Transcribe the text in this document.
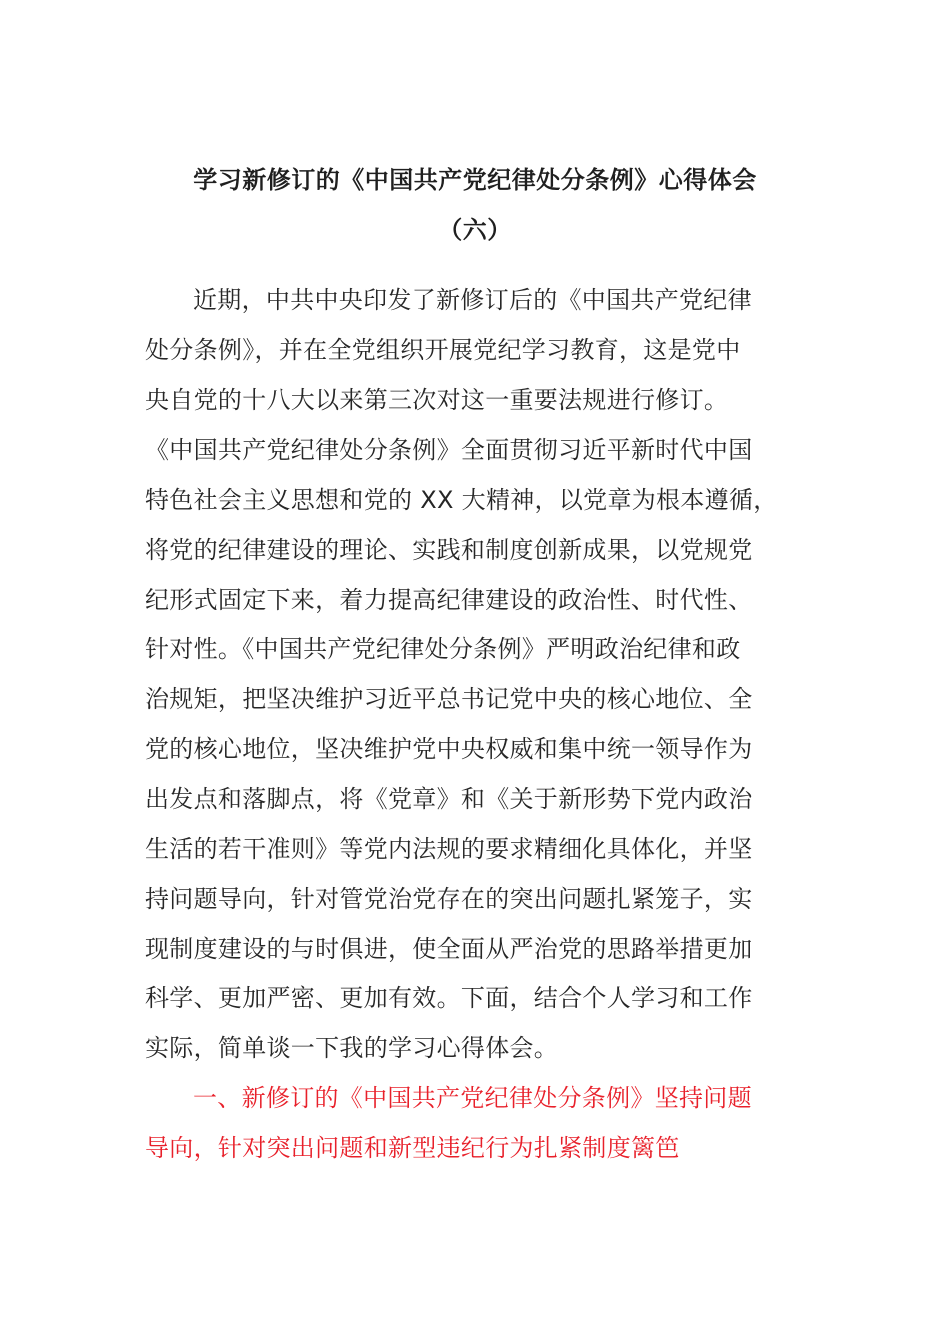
学习新修订的《中国共产党纪律处分条例》心得体会
（六）
近期，中共中央印发了新修订后的《中国共产党纪律
处分条例》，并在全党组织开展党纪学习教育，这是党中
央自党的十八大以来第三次对这一重要法规进行修订。
《中国共产党纪律处分条例》全面贯彻习近平新时代中国
特色社会主义思想和党的 XX 大精神，以党章为根本遵循，
将党的纪律建设的理论、实践和制度创新成果，以党规党
纪形式固定下来，着力提高纪律建设的政治性、时代性、
针对性。《中国共产党纪律处分条例》严明政治纪律和政
治规矩，把坚决维护习近平总书记党中央的核心地位、全
党的核心地位，坚决维护党中央权威和集中统一领导作为
出发点和落脚点，将《党章》和《关于新形势下党内政治
生活的若干准则》等党内法规的要求精细化具体化，并坚
持问题导向，针对管党治党存在的突出问题扎紧笼子，实
现制度建设的与时俱进，使全面从严治党的思路举措更加
科学、更加严密、更加有效。下面，结合个人学习和工作
实际，简单谈一下我的学习心得体会。
一、新修订的《中国共产党纪律处分条例》坚持问题
导向，针对突出问题和新型违纪行为扎紧制度篱笆
